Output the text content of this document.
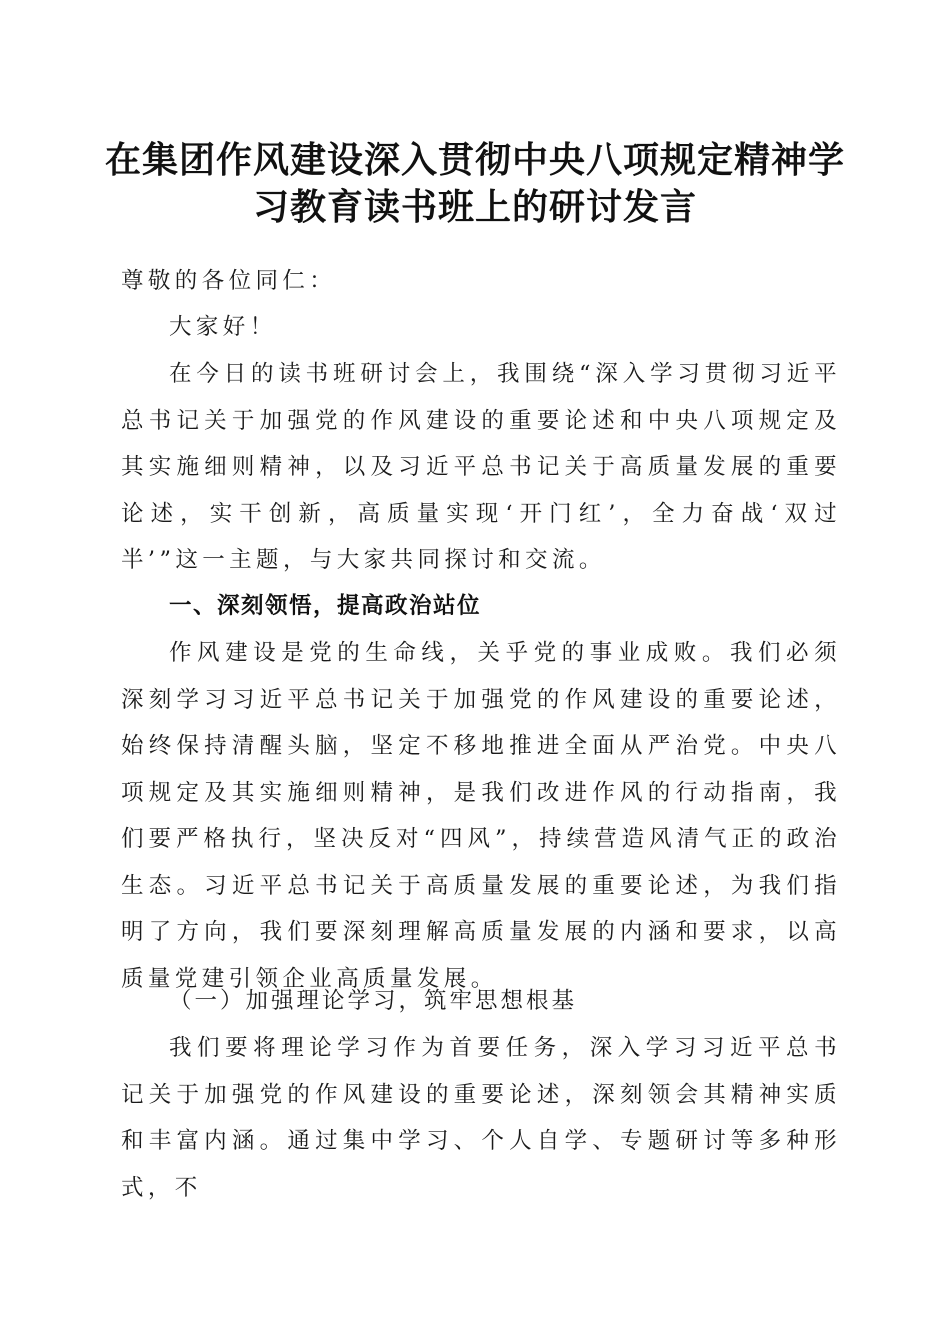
在集团作风建设深入贯彻中央八项规定精神学
习教育读书班上的研讨发言
尊敬的各位同仁：
大家好！
在今日的读书班研讨会上，我围绕“深入学习贯彻习近平总书记关于加强党的作风建设的重要论述和中央八项规定及其实施细则精神，以及习近平总书记关于高质量发展的重要论述，实干创新，高质量实现‘开门红’，全力奋战‘双过半’”这一主题，与大家共同探讨和交流。
一、深刻领悟，提高政治站位
作风建设是党的生命线，关乎党的事业成败。我们必须深刻学习习近平总书记关于加强党的作风建设的重要论述，始终保持清醒头脑，坚定不移地推进全面从严治党。中央八项规定及其实施细则精神，是我们改进作风的行动指南，我们要严格执行，坚决反对“四风”，持续营造风清气正的政治生态。习近平总书记关于高质量发展的重要论述，为我们指明了方向，我们要深刻理解高质量发展的内涵和要求，以高质量党建引领企业高质量发展。
（一）加强理论学习，筑牢思想根基
我们要将理论学习作为首要任务，深入学习习近平总书记关于加强党的作风建设的重要论述，深刻领会其精神实质和丰富内涵。通过集中学习、个人自学、专题研讨等多种形式，不
